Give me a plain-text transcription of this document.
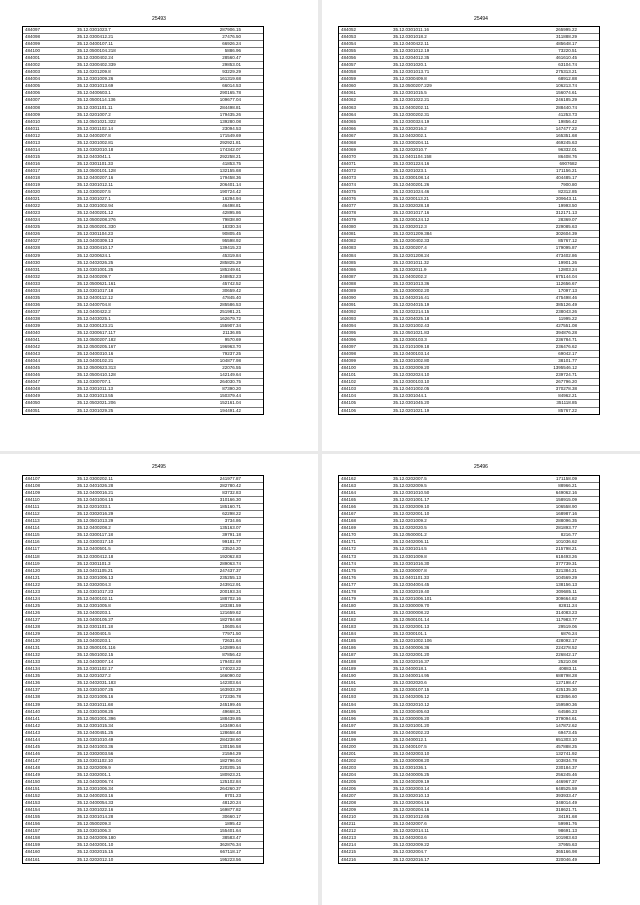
25493
484097	35.12.0301023.7	287906.15
484098	35.12.0300412.21	27476.50
484099	35.12.0400107.11	66926.24
484100	35.12.0500104.218	5886.96
484001	35.12.0300402.24	28560.47
484002	35.12.0300402.339	29853.01
484003	35.12.0201209.8	93229.29
484004	35.12.0301009.26	161319.68
484005	35.12.0301013.69	66014.53
484006	35.12.0400603.1	290165.78
484007	35.12.0500114.136	109677.04
484008	35.12.0301101.11	284498.81
484009	35.12.0201007.2	179435.26
484010	35.12.0501021.322	139280.08
484011	35.12.0301102.14	23094.53
484012	35.12.0400207.8	171549.69
484013	35.12.0301002.81	292921.81
484014	35.12.0302010.18	174342.07
484015	35.12.0403041.1	292258.21
484016	35.12.0301101.33	41853.75
484017	35.12.0500101.128	132155.68
484018	35.12.0400207.16	179458.36
484019	35.12.0301012.11	206401.14
484020	35.12.0300207.5	190724.42
484021	35.12.0301027.1	16294.94
484022	35.12.0301002.94	46498.81
484023	35.12.0400201.12	42895.86
484024	35.12.0500208.276	79838.80
484025	35.12.0500201.330	18330.34
484026	35.12.0301104.23	90805.45
484027	35.12.0400309.13	95598.92
484028	35.12.0300410.17	139415.23
484029	35.12.0200624.1	45319.84
484030	35.12.0402026.25	285825.29
484031	35.12.0301001.25	185249.61
484032	35.12.0400209.7	248852.23
484033	35.12.0500621.161	45742.52
484034	35.12.0301017.18	30659.42
484035	35.12.0400112.12	47845.40
484036	35.12.0400704.8	285586.53
484037	35.12.0400422.2	251981.21
484038	35.12.0403025.1	162679.72
484039	35.12.0300123.21	155907.34
484040	35.12.0300617.117	21136.85
484041	35.12.0500207.182	9570.69
484042	35.12.0500205.167	196963.70
484043	35.12.0400310.16	79237.25
484044	35.12.0400102.21	104877.98
484045	35.12.0500623.313	22076.55
484046	35.12.0500410.128	142149.64
484047	35.12.0300707.1	264030.75
484048	35.12.0301011.13	87390.20
484049	35.12.0301013.55	150379.44
484050	35.12.0502021.206	152161.04
484051	35.12.0301029.25	194491.42
25494
484052	35.12.0301011.16	265995.22
484053	35.12.0301018.2	311888.29
484054	35.12.0400422.11	485648.17
484055	35.12.0301012.19	73220.51
484056	35.12.0204012.35	461610.45
484057	35.12.0301020.1	63104.74
484058	35.12.0301013.71	275313.21
484059	35.12.0300409.8	68912.88
484060	35.12.0500207.229	106213.74
484061	35.12.0301015.5	156074.61
484062	35.12.0301022.21	246185.29
484063	35.12.0400202.11	288440.74
484064	35.12.0300202.31	41253.73
484065	35.12.0300324.19	19856.42
484066	35.12.0302016.2	147477.22
484067	35.12.0402002.1	165351.68
484068	35.12.0300204.11	469245.63
484069	35.12.0202010.7	96332.01
484070	35.12.0401104.158	86408.76
484071	35.12.0301224.16	6907682
484072	35.12.0201023.1	171156.21
484073	35.12.0300108.14	404485.17
484074	35.12.0400201.26	7900.80
484075	35.12.0301024.46	82312.85
484076	35.12.0200113.21	209643.11
484077	35.12.0302028.18	19993.50
484078	35.12.0301017.16	312171.13
484079	35.12.0200124.12	28369.07
484080	35.12.0302012.3	229085.63
484081	35.12.0201209.384	302604.39
484082	35.12.0200402.33	85767.12
484083	35.12.0200207.4	179095.87
484084	35.12.0201208.24	473402.86
484085	35.12.0301011.32	19901.26
484086	35.12.0302011.9	12803.24
484087	35.12.0400202.2	675144.04
484088	35.12.0301013.36	112656.67
484089	35.12.0300002.20	17097.13
484090	35.12.0402016.41	475498.46
484091	35.12.0204015.19	385126.49
484092	35.12.0202214.15	238043.26
484093	35.12.0204025.18	11995.22
484094	35.12.0201002.43	427551.08
484095	35.12.0501021.83	394876.28
484096	35.12.0300103.3	236784.71
484097	35.12.0101009.18	236476.62
484098	35.12.0400103.14	69042.17
484099	35.12.0301002.80	38101.77
484100	35.12.0302009.20	1395546.12
484101	35.12.0302024.10	239724.71
484102	35.12.0300103.10	267796.20
484103	35.12.0401002.05	370278.38
484104	35.12.0301044.1	84962.21
484105	35.12.0301045.20	351118.85
484106	35.12.0201021.19	85767.22
25495
484107	35.12.0300202.11	241977.87
484108	35.12.0401026.28	282780.42
484109	35.12.0400016.21	83732.83
484110	35.12.0401004.15	310166.30
484111	35.12.0201033.1	185160.71
484112	35.12.0302016.29	62298.22
484113	35.12.0501013.29	3734.86
484114	35.12.0400208.2	135163.07
484115	35.12.0300117.18	39791.18
484116	35.12.0300317.10	99181.77
484117	35.12.0400501.5	23524.20
484118	35.12.0300412.18	192062.83
484119	35.12.0301101.3	289063.74
484120	35.12.0401105.21	247437.37
484121	35.12.0301006.13	235255.13
484122	35.12.0302004.3	243912.91
484123	35.12.0301017.23	200193.34
484124	35.12.0400102.11	188702.16
484125	35.12.0301005.8	183381.59
484126	35.12.0400203.1	121659.62
484127	35.12.0400105.27	182784.68
484128	35.12.0301101.18	10605.64
484129	35.12.0400401.5	77971.50
484130	35.12.0400203.1	72631.64
484131	35.12.0500101.116	142899.64
484132	35.12.0501002.15	87856.42
484133	35.12.0403007.14	179402.69
484134	35.12.0301102.17	174023.22
484135	35.12.0201027.2	166090.02
484136	35.12.0402031.183	142303.64
484137	35.12.0301007.25	163933.29
484138	35.12.0201005.16	172336.78
484139	35.12.0301011.68	245199.46
484140	35.12.0301008.25	49668.21
484141	35.12.0501001.396	188439.85
484142	35.12.0301015.34	143490.64
484143	35.12.0400451.25	128658.48
484144	35.12.0301010.49	284238.60
484145	35.12.0401003.36	130156.58
484146	35.12.0302003.56	21594.29
484147	35.12.0301102.10	182796.04
484148	35.12.0202009.9	220205.16
484149	35.12.0302001.1	180923.21
484150	35.12.0402006.74	125102.84
484151	35.12.0301006.34	264260.37
484152	35.12.0400203.16	8701.23
484153	35.12.0400054.33	48120.24
484154	35.12.0301022.16	169877.82
484155	35.12.0301014.28	30660.17
484156	35.12.0500209.3	1895.42
484157	35.12.0301006.3	155401.64
484158	35.12.0402009.180	38583.47
484159	35.12.0402001.10	362876.34
484160	35.12.0302015.15	667118.17
484161	35.12.0202012.10	195223.56
25496
484162	35.12.0202007.5	171158.09
484163	35.12.0202009.5	88966.21
484164	35.12.0301010.50	649062.16
484165	35.12.0201001.17	158915.09
484166	35.12.0302009.10	106558.90
484167	35.12.0202001.10	168987.16
484168	35.12.0201009.2	288096.35
484169	35.12.0202020.5	281893.77
484170	35.12.0500001.2	8216.77
484171	35.12.0402006.11	101036.62
484172	35.12.0301014.5	215798.21
484173	35.12.0301009.8	618493.26
484174	35.12.0301016.30	377739.31
484175	35.12.0300007.8	321384.21
484176	35.12.0401101.33	104569.29
484177	35.12.0304004.45	138156.13
484178	35.12.0302019.40	309685.11
484179	35.12.0201006.101	309664.82
484180	35.12.0300009.70	82811.24
484181	35.12.0300008.22	314083.23
484182	35.12.0500101.14	117983.77
484183	35.12.0202001.13	29519.06
484184	35.12.0300101.1	6876.24
484185	35.12.0201002.106	428092.17
484186	35.12.0400006.36	224278.52
484187	35.12.0202001.20	226842.17
484188	35.12.0202016.37	25210.08
484189	35.12.0400018.1	40883.11
484190	35.12.0400014.95	688798.28
484191	35.12.0302020.6	127198.47
484192	35.12.0300107.15	425135.30
484193	35.12.0402005.12	623856.60
484194	35.12.0302010.12	159590.36
484195	35.12.0300405.63	64586.23
484196	35.12.0300005.20	379094.61
484197	35.12.0201001.20	147872.62
484198	35.12.0400202.23	69473.45
484199	35.12.0400012.1	651303.10
484200	35.12.0400107.5	457888.25
484201	35.12.0402003.10	132741.92
484202	35.12.0300008.20	103834.78
484203	35.12.0301036.1	230184.37
484204	35.12.0400005.25	256245.46
484205	35.12.0400209.19	446967.37
484206	35.12.0302003.14	648525.59
484207	35.12.0302010.13	393933.47
484208	35.12.0302004.16	348014.49
484209	35.12.0200204.16	318621.71
484210	35.12.0301012.65	34191.68
484211	35.12.0402007.6	59991.76
484212	35.12.0202014.11	98691.13
484213	35.12.0402003.6	101983.63
484214	35.12.0302009.22	37955.63
484215	35.12.0302004.7	365166.98
484216	35.12.0202016.17	320046.49
